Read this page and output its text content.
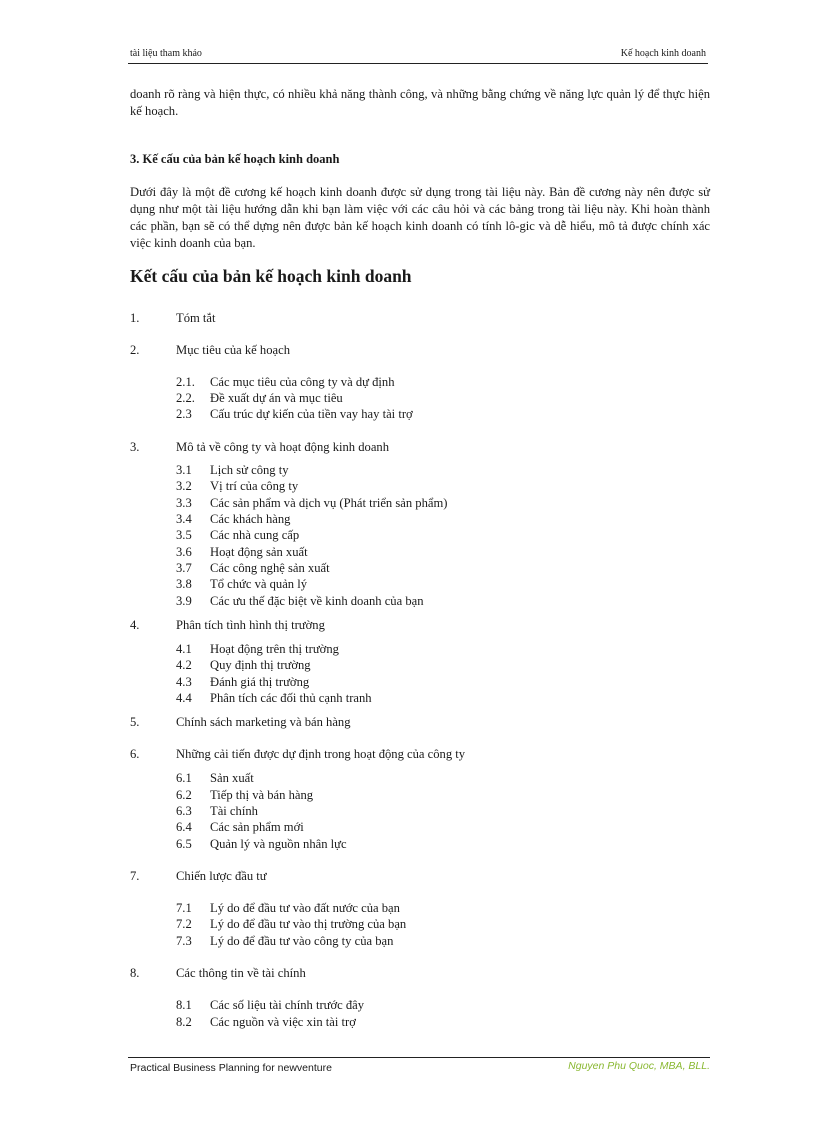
tài liệu tham khảo	Kế hoạch kinh doanh

doanh rõ ràng và hiện thực, có nhiều khả năng thành công, và những bằng chứng về năng lực quản lý để thực hiện kế hoạch.

3. Kế cấu của bản kế hoạch kinh doanh

Dưới đây là một đề cương kế hoạch kinh doanh được sử dụng trong tài liệu này. Bản đề cương này nên được sử dụng như một tài liệu hướng dẫn khi bạn làm việc với các câu hỏi và các bảng trong tài liệu này. Khi hoàn thành các phần, bạn sẽ có thể dựng nên được bản kế hoạch kinh doanh có tính lô-gic và dễ hiểu, mô tả được chính xác việc kinh doanh của bạn.

Kết cấu của bản kế hoạch kinh doanh
1.	Tóm tắt
2.	Mục tiêu của kế hoạch
2.1. Các mục tiêu của công ty và dự định
2.2. Đề xuất dự án và mục tiêu
2.3 Cấu trúc dự kiến của tiền vay hay tài trợ
3.	Mô tả về công ty và hoạt động kinh doanh
3.1 Lịch sử công ty
3.2 Vị trí của công ty
3.3 Các sản phẩm và dịch vụ (Phát triển sản phẩm)
3.4 Các khách hàng
3.5 Các nhà cung cấp
3.6 Hoạt động sản xuất
3.7 Các công nghệ sản xuất
3.8 Tổ chức và quản lý
3.9 Các ưu thế đặc biệt về kinh doanh của bạn
4.	Phân tích tình hình thị trường
4.1 Hoạt động trên thị trường
4.2 Quy định thị trường
4.3 Đánh giá thị trường
4.4 Phân tích các đối thủ cạnh tranh
5.	Chính sách marketing và bán hàng
6.	Những cải tiến được dự định trong hoạt động của công ty
6.1 Sản xuất
6.2 Tiếp thị và bán hàng
6.3 Tài chính
6.4 Các sản phẩm mới
6.5 Quản lý và nguồn nhân lực
7.	Chiến lược đầu tư
7.1 Lý do để đầu tư vào đất nước của bạn
7.2 Lý do để đầu tư vào thị trường của bạn
7.3 Lý do để đầu tư vào công ty của bạn
8.	Các thông tin về tài chính
8.1 Các số liệu tài chính trước đây
8.2 Các nguồn và việc xin tài trợ
Practical Business Planning for newventure	Nguyen Phu Quoc, MBA, BLL.
